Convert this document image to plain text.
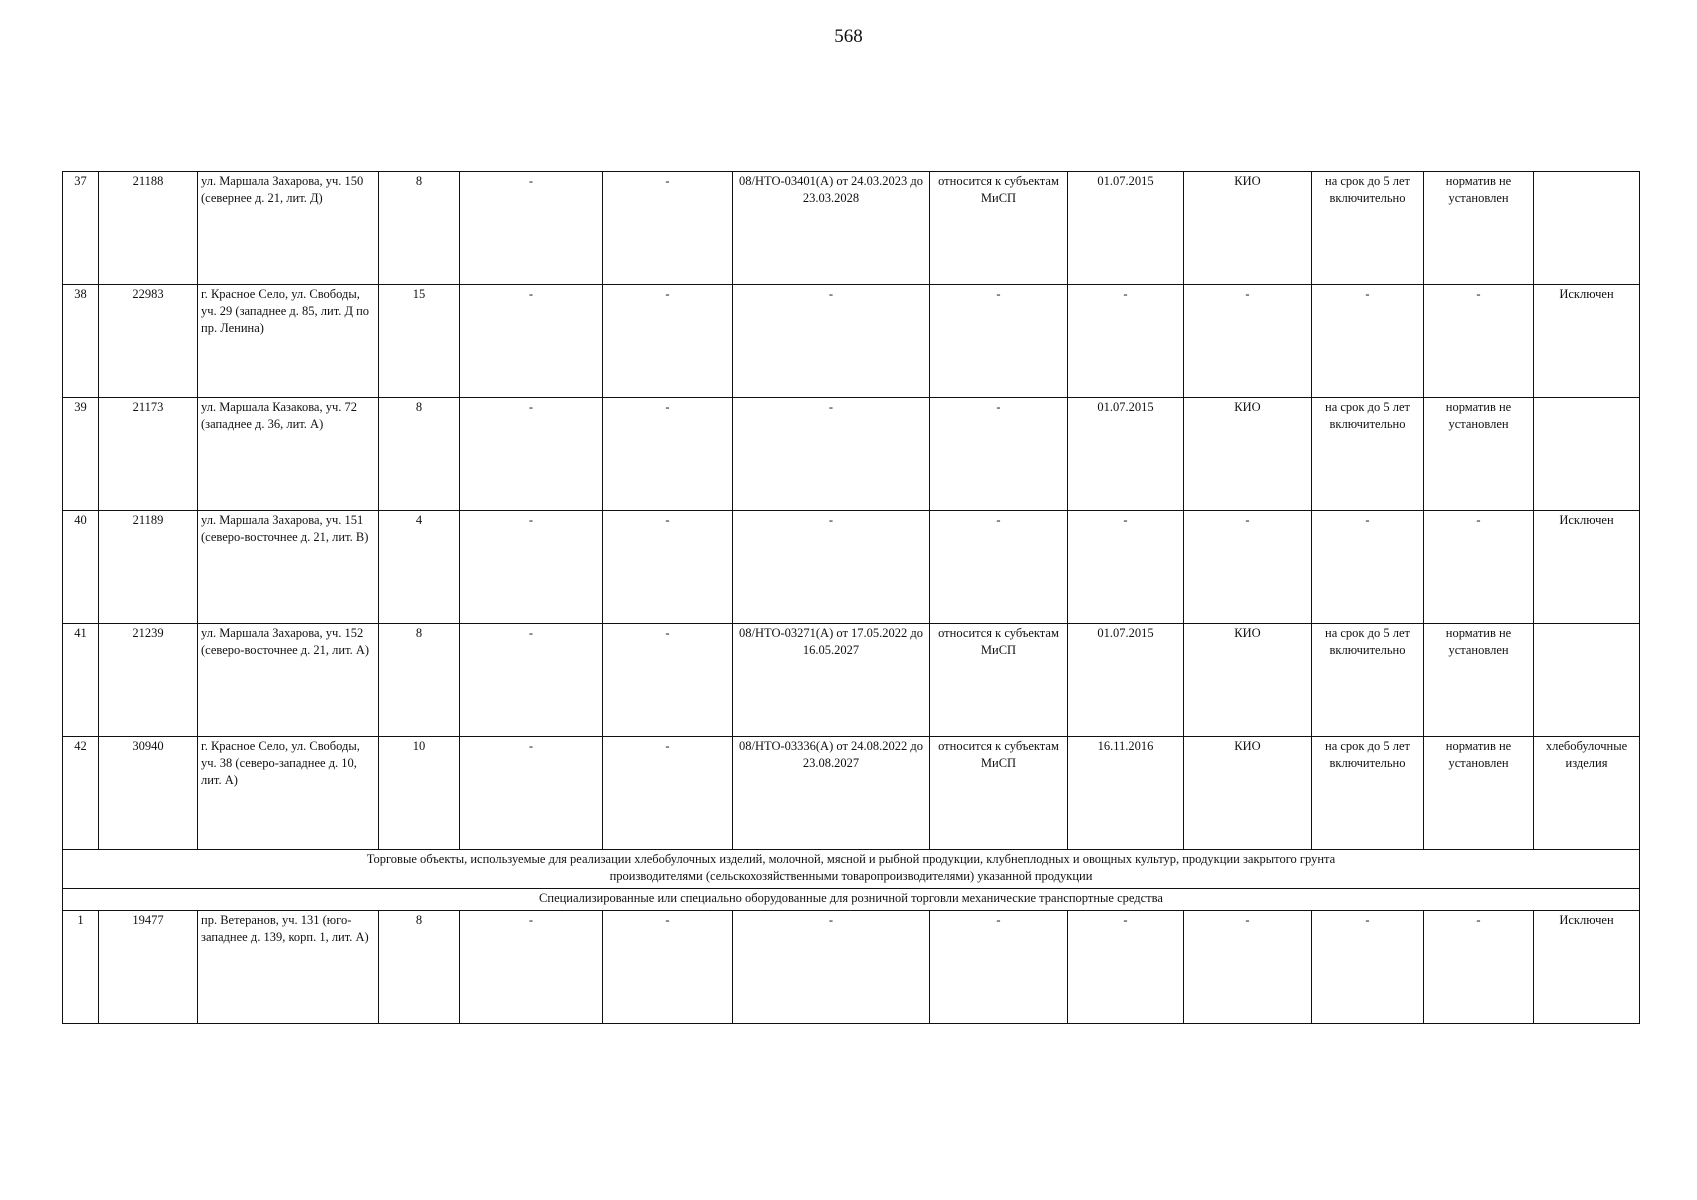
568
37	21188	ул. Маршала Захарова, уч. 150 (севернее д. 21, лит. Д)	8	-	-	08/НТО-03401(А) от 24.03.2023 до 23.03.2028	относится к субъектам МиСП	01.07.2015	КИО	на срок до 5 лет включительно	норматив не установлен	
38	22983	г. Красное Село, ул. Свободы, уч. 29 (западнее д. 85, лит. Д по пр. Ленина)	15	-	-	-	-	-	-	-	-	Исключен
39	21173	ул. Маршала Казакова, уч. 72 (западнее д. 36, лит. А)	8	-	-	-	-	01.07.2015	КИО	на срок до 5 лет включительно	норматив не установлен	
40	21189	ул. Маршала Захарова, уч. 151 (северо-восточнее д. 21, лит. В)	4	-	-	-	-	-	-	-	-	Исключен
41	21239	ул. Маршала Захарова, уч. 152 (северо-восточнее д. 21, лит. А)	8	-	-	08/НТО-03271(А) от 17.05.2022 до 16.05.2027	относится к субъектам МиСП	01.07.2015	КИО	на срок до 5 лет включительно	норматив не установлен	
42	30940	г. Красное Село, ул. Свободы, уч. 38 (северо-западнее д. 10, лит. А)	10	-	-	08/НТО-03336(А) от 24.08.2022 до 23.08.2027	относится к субъектам МиСП	16.11.2016	КИО	на срок до 5 лет включительно	норматив не установлен	хлебобулочные изделия
Торговые объекты, используемые для реализации хлебобулочных изделий, молочной, мясной и рыбной продукции, клубнеплодных и овощных культур, продукции закрытого грунта производителями (сельскохозяйственными товаропроизводителями) указанной продукции												
Специализированные или специально оборудованные для розничной торговли механические транспортные средства												
1	19477	пр. Ветеранов, уч. 131 (юго-западнее д. 139, корп. 1, лит. А)	8	-	-	-	-	-	-	-	-	Исключен
